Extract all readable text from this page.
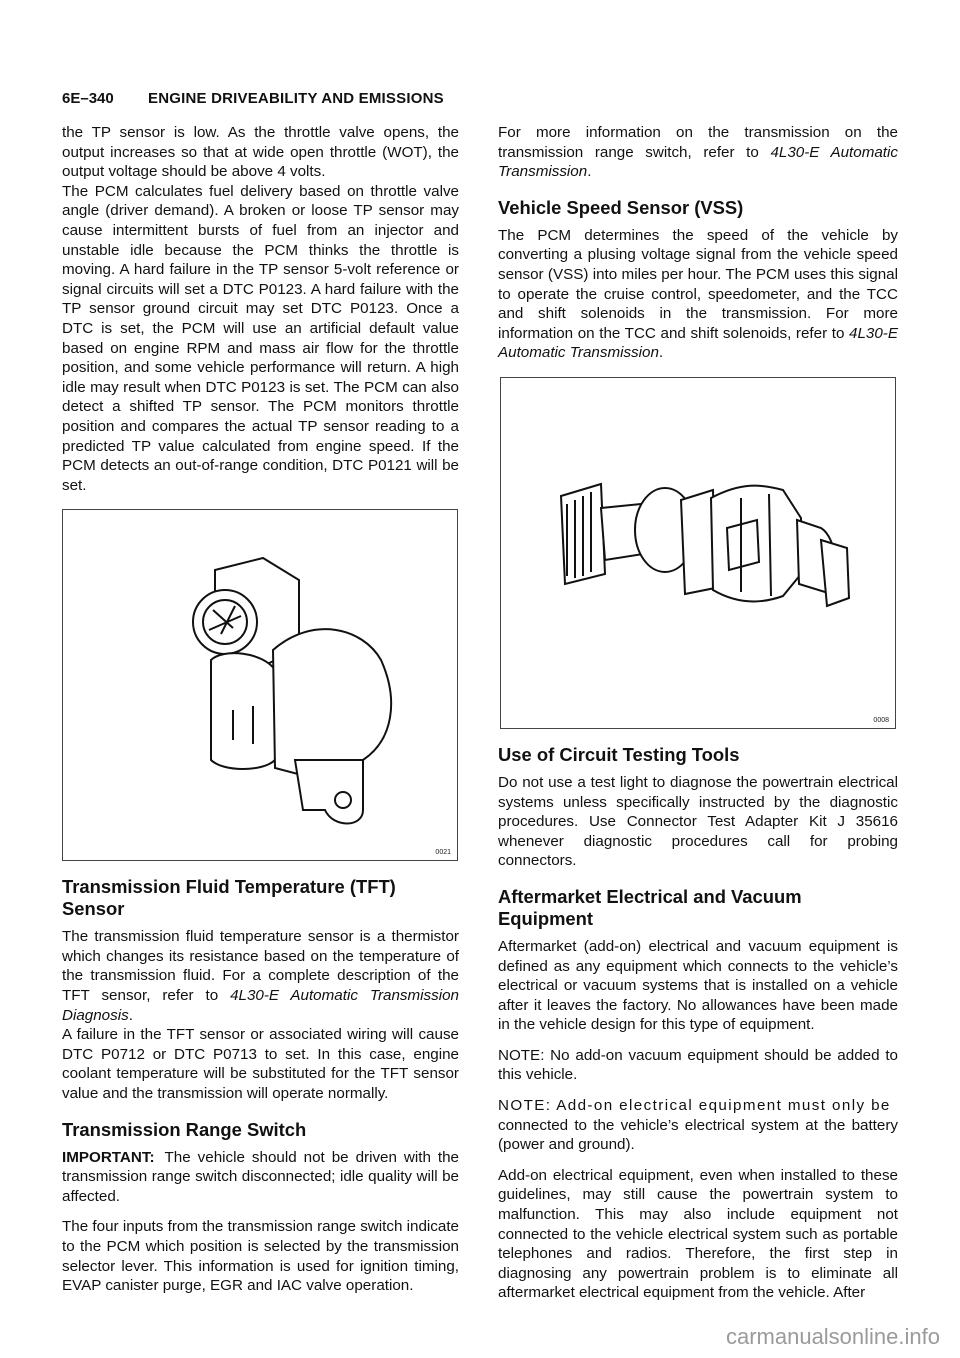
6E–340 ENGINE DRIVEABILITY AND EMISSIONS

the TP sensor is low. As the throttle valve opens, the output increases so that at wide open throttle (WOT), the output voltage should be above 4 volts.

The PCM calculates fuel delivery based on throttle valve angle (driver demand). A broken or loose TP sensor may cause intermittent bursts of fuel from an injector and unstable idle because the PCM thinks the throttle is moving. A hard failure in the TP sensor 5-volt reference or signal circuits will set a DTC P0123. A hard failure with the TP sensor ground circuit may set DTC P0123. Once a DTC is set, the PCM will use an artificial default value based on engine RPM and mass air flow for the throttle position, and some vehicle performance will return. A high idle may result when DTC P0123 is set. The PCM can also detect a shifted TP sensor. The PCM monitors throttle position and compares the actual TP sensor reading to a predicted TP value calculated from engine speed. If the PCM detects an out-of-range condition, DTC P0121 will be set.

0021
Transmission Fluid Temperature (TFT) Sensor

The transmission fluid temperature sensor is a thermistor which changes its resistance based on the temperature of the transmission fluid. For a complete description of the TFT sensor, refer to 4L30-E Automatic Transmission Diagnosis.

A failure in the TFT sensor or associated wiring will cause DTC P0712 or DTC P0713 to set. In this case, engine coolant temperature will be substituted for the TFT sensor value and the transmission will operate normally.

Transmission Range Switch

IMPORTANT: The vehicle should not be driven with the transmission range switch disconnected; idle quality will be affected.

The four inputs from the transmission range switch indicate to the PCM which position is selected by the transmission selector lever. This information is used for ignition timing, EVAP canister purge, EGR and IAC valve operation.

For more information on the transmission on the transmission range switch, refer to 4L30-E Automatic Transmission.

Vehicle Speed Sensor (VSS)

The PCM determines the speed of the vehicle by converting a plusing voltage signal from the vehicle speed sensor (VSS) into miles per hour. The PCM uses this signal to operate the cruise control, speedometer, and the TCC and shift solenoids in the transmission. For more information on the TCC and shift solenoids, refer to 4L30-E Automatic Transmission.

0008
Use of Circuit Testing Tools

Do not use a test light to diagnose the powertrain electrical systems unless specifically instructed by the diagnostic procedures. Use Connector Test Adapter Kit J 35616 whenever diagnostic procedures call for probing connectors.

Aftermarket Electrical and Vacuum Equipment

Aftermarket (add-on) electrical and vacuum equipment is defined as any equipment which connects to the vehicle’s electrical or vacuum systems that is installed on a vehicle after it leaves the factory. No allowances have been made in the vehicle design for this type of equipment.

NOTE: No add-on vacuum equipment should be added to this vehicle.

NOTE: Add-on electrical equipment must only be

connected to the vehicle’s electrical system at the battery (power and ground).

Add-on electrical equipment, even when installed to these guidelines, may still cause the powertrain system to malfunction. This may also include equipment not connected to the vehicle electrical system such as portable telephones and radios. Therefore, the first step in diagnosing any powertrain problem is to eliminate all aftermarket electrical equipment from the vehicle. After

carmanualsonline.info
